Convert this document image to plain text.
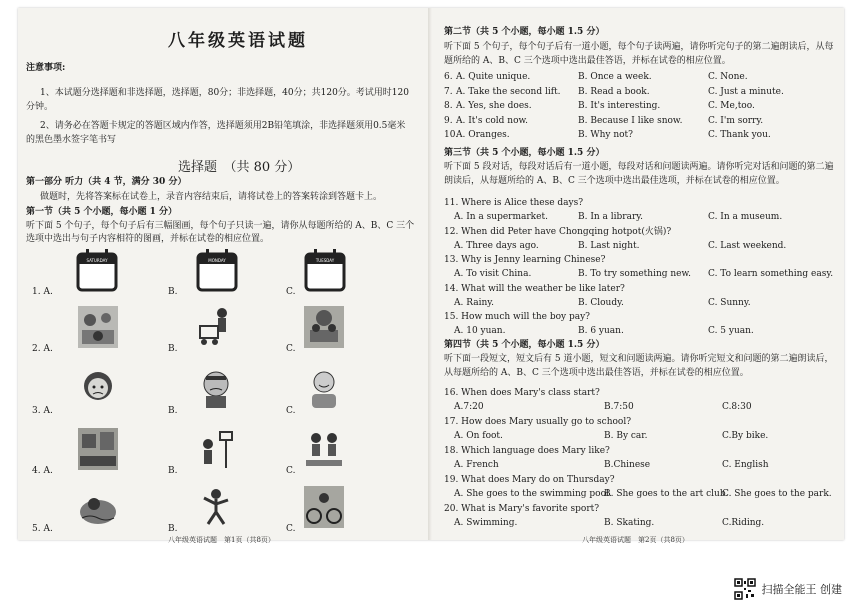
八年级英语试题
注意事项:
1、本试题分选择题和非选择题，选择题，80分；非选择题，40分；共120分。考试用时120
分钟。
2、请务必在答题卡规定的答题区域内作答，选择题须用2B铅笔填涂，非选择题须用0.5毫米
的黑色墨水签字笔书写
选择题　（共 80 分）
第一部分 听力（共 4 节，满分 30 分）
做题时，先将答案标在试卷上，录音内容结束后，请将试卷上的答案转涂到答题卡上。
第一节（共 5 个小题，每小题 1 分）
听下面 5 个句子，每个句子后有三幅图画，每个句子只读一遍，请你从每题所给的 A、B、C 三个
选项中选出与句子内容相符的图画，并标在试卷的相应位置。
1. A.	B.	C.
SATURDAY	MONDAY	TUESDAY
2. A.	B.	C.
3. A.	B.	C.
4. A.	B.	C.
5. A.	B.	C.
八年级英语试题　第1页（共8页）
第二节（共 5 个小题，每小题 1.5 分）
听下面 5 个句子，每个句子后有一道小题，每个句子读两遍，请你听完句子的第二遍朗读后，从每
题所给的 A、B、C 三个选项中选出最佳答语，并标在试卷的相应位置。
6. A. Quite unique.	B. Once a week.	C. None.
7. A. Take the second lift. B. Read a book.	C. Just a minute.
8. A. Yes, she does.	B. It's interesting.	C. Me,too.
9. A. It's cold now.	B. Because I like snow.	C. I'm sorry.
10.
A. Oranges.	B. Why not?	C. Thank you.
第三节（共 5 个小题，每小题 1.5 分）
听下面 5 段对话，每段对话后有一道小题，每段对话和问题读两遍。请你听完对话和问题的第二遍
朗读后，从每题所给的 A、B、C 三个选项中选出最佳选项，并标在试卷的相应位置。
11. Where is Alice these days?
A. In a supermarket.	B. In a library.	C. In a museum.
12. When did Peter have Chongqing hotpot(火锅)?
A. Three days ago.	B. Last night.	C. Last weekend.
13. Why is Jenny learning Chinese?
A. To visit China.	B. To try something new. C. To learn something easy.
14. What will the weather be like later?
A. Rainy.	B. Cloudy.	C. Sunny.
15. How much will the boy pay?
A. 10 yuan.	B. 6 yuan.	C. 5 yuan.
第四节（共 5 个小题，每小题 1.5 分）
听下面一段短文，短文后有 5 道小题，短文和问题读两遍。请你听完短文和问题的第二遍朗读后，
从每题所给的 A、B、C 三个选项中选出最佳答语，并标在试卷的相应位置。
16. When does Mary's class start?
A.7:20	B.7:50	C.8:30
17. How does Mary usually go to school?
A. On foot.	B. By car.	C.By bike.
18. Which language does Mary like?
A. French	B.Chinese	C. English
19. What does Mary do on Thursday?
A. She goes to the swimming pool.
B. She goes to the art club.
C. She goes to the park.
20. What is Mary's favorite sport?
A. Swimming.	B. Skating.	C.Riding.
八年级英语试题　第2页（共8页）
扫描全能王 创建
